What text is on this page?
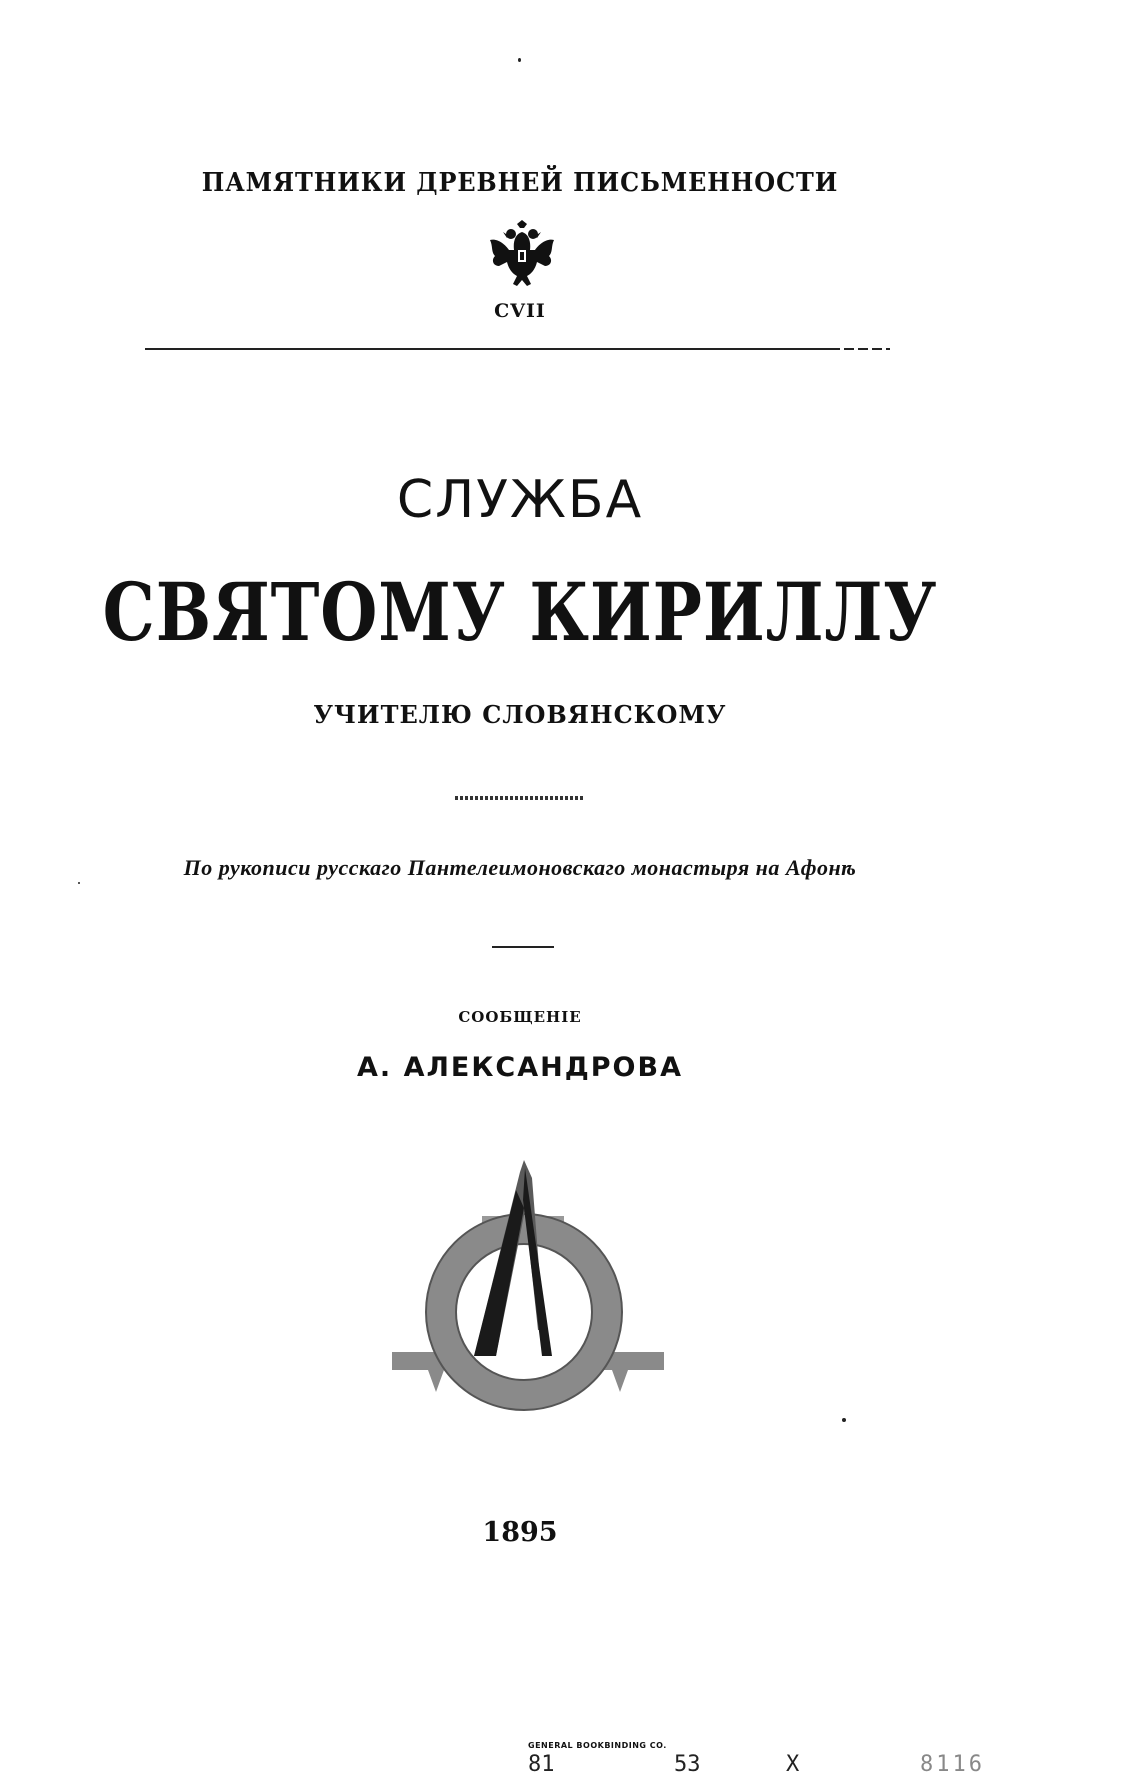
ПАМЯТНИКИ ДРЕВНЕЙ ПИСЬМЕННОСТИ
CVII
СЛУЖБА
СВЯТОМУ КИРИЛЛУ
УЧИТЕЛЮ СЛОВЯНСКОМУ
По рукописи русскаго Пантелеимоновскаго монастыря на Афонѣ
СООБЩЕНІЕ
А. АЛЕКСАНДРОВА
1895
GENERAL BOOKBINDING CO.
81	53	X	8116
